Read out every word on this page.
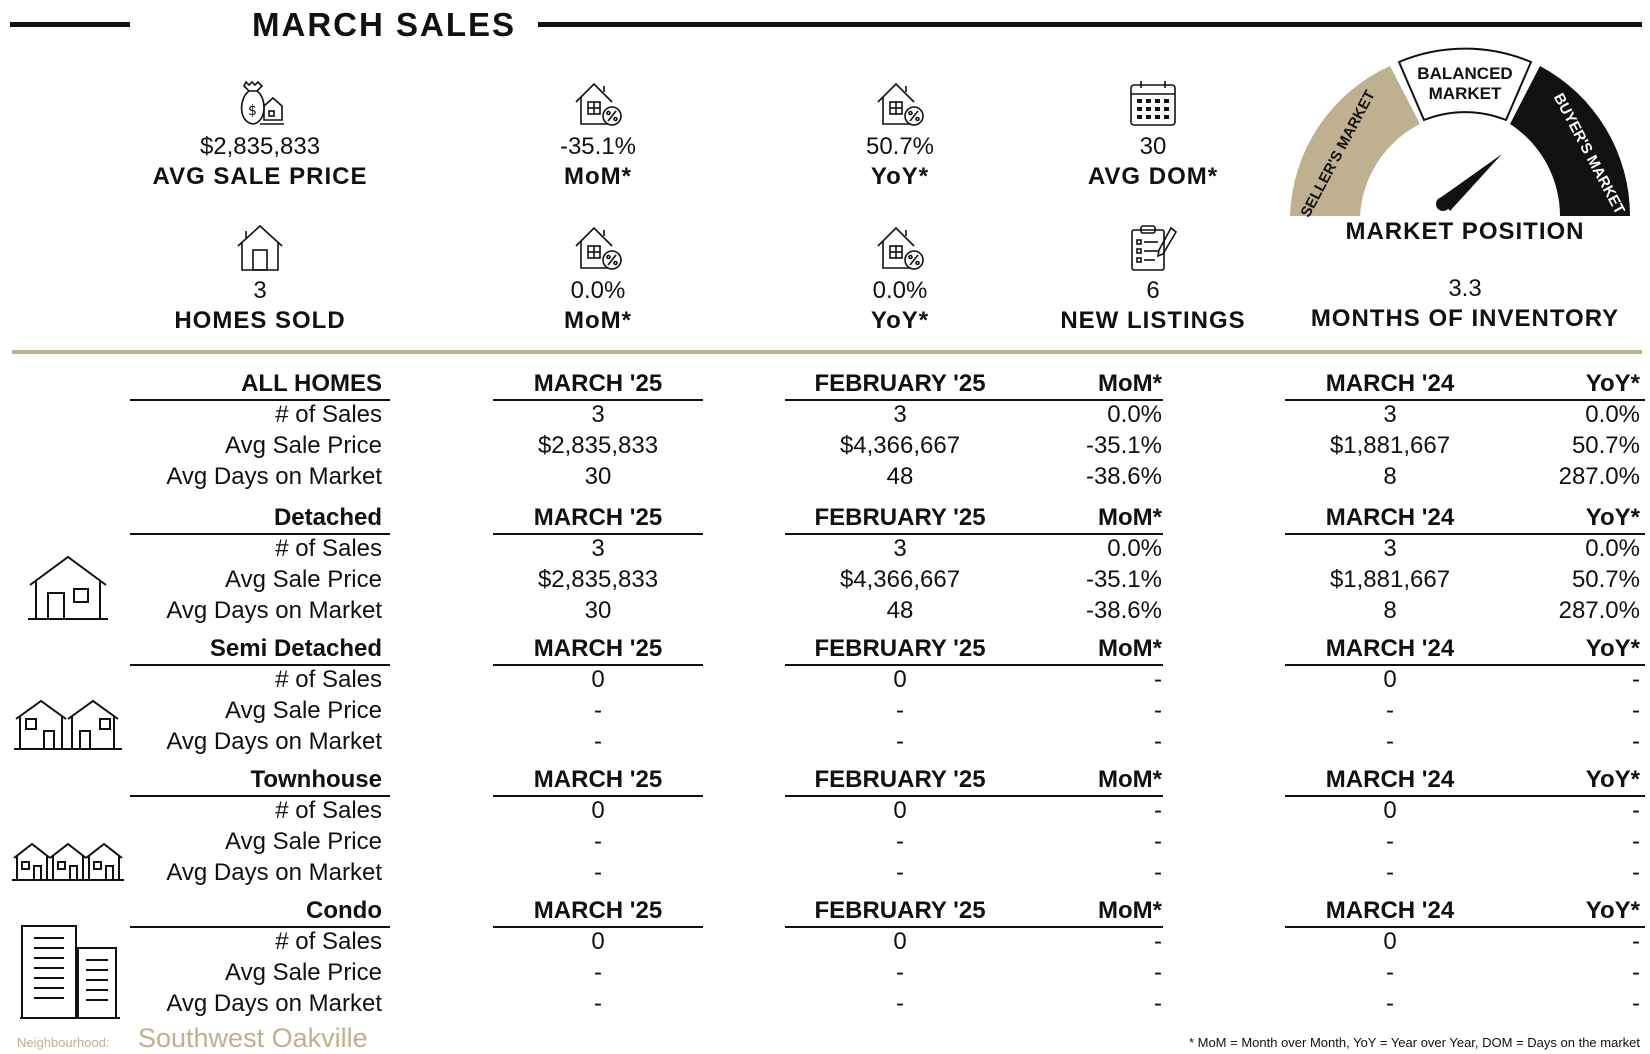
MARCH SALES
$
$2,835,833
AVG SALE PRICE
-35.1%
MoM*
50.7%
YoY*
30
AVG DOM*
3
HOMES SOLD
0.0%
MoM*
0.0%
YoY*
6
NEW LISTINGS
BALANCED
MARKET
SELLER'S MARKET	BUYER'S MARKET
MARKET POSITION
3.3
MONTHS OF INVENTORY
ALL HOMES	MARCH '25	FEBRUARY '25	MoM*	MARCH '24	YoY*
# of Sales	3	3	0.0%	3	0.0%
Avg Sale Price	$2,835,833	$4,366,667	-35.1%	$1,881,667	50.7%
Avg Days on Market	30	48	-38.6%	8	287.0%
Detached	MARCH '25	FEBRUARY '25	MoM*	MARCH '24	YoY*
# of Sales	3	3	0.0%	3	0.0%
Avg Sale Price	$2,835,833	$4,366,667	-35.1%	$1,881,667	50.7%
Avg Days on Market	30	48	-38.6%	8	287.0%
Semi Detached	MARCH '25	FEBRUARY '25	MoM*	MARCH '24	YoY*
# of Sales	0	0	-	0	-
Avg Sale Price	-	-	-	-	-
Avg Days on Market	-	-	-	-	-
Townhouse	MARCH '25	FEBRUARY '25	MoM*	MARCH '24	YoY*
# of Sales	0	0	-	0	-
Avg Sale Price	-	-	-	-	-
Avg Days on Market	-	-	-	-	-
Condo	MARCH '25	FEBRUARY '25	MoM*	MARCH '24	YoY*
# of Sales	0	0	-	0	-
Avg Sale Price	-	-	-	-	-
Avg Days on Market	-	-	-	-	-
Neighbourhood: Southwest Oakville	* MoM = Month over Month, YoY = Year over Year, DOM = Days on the market
